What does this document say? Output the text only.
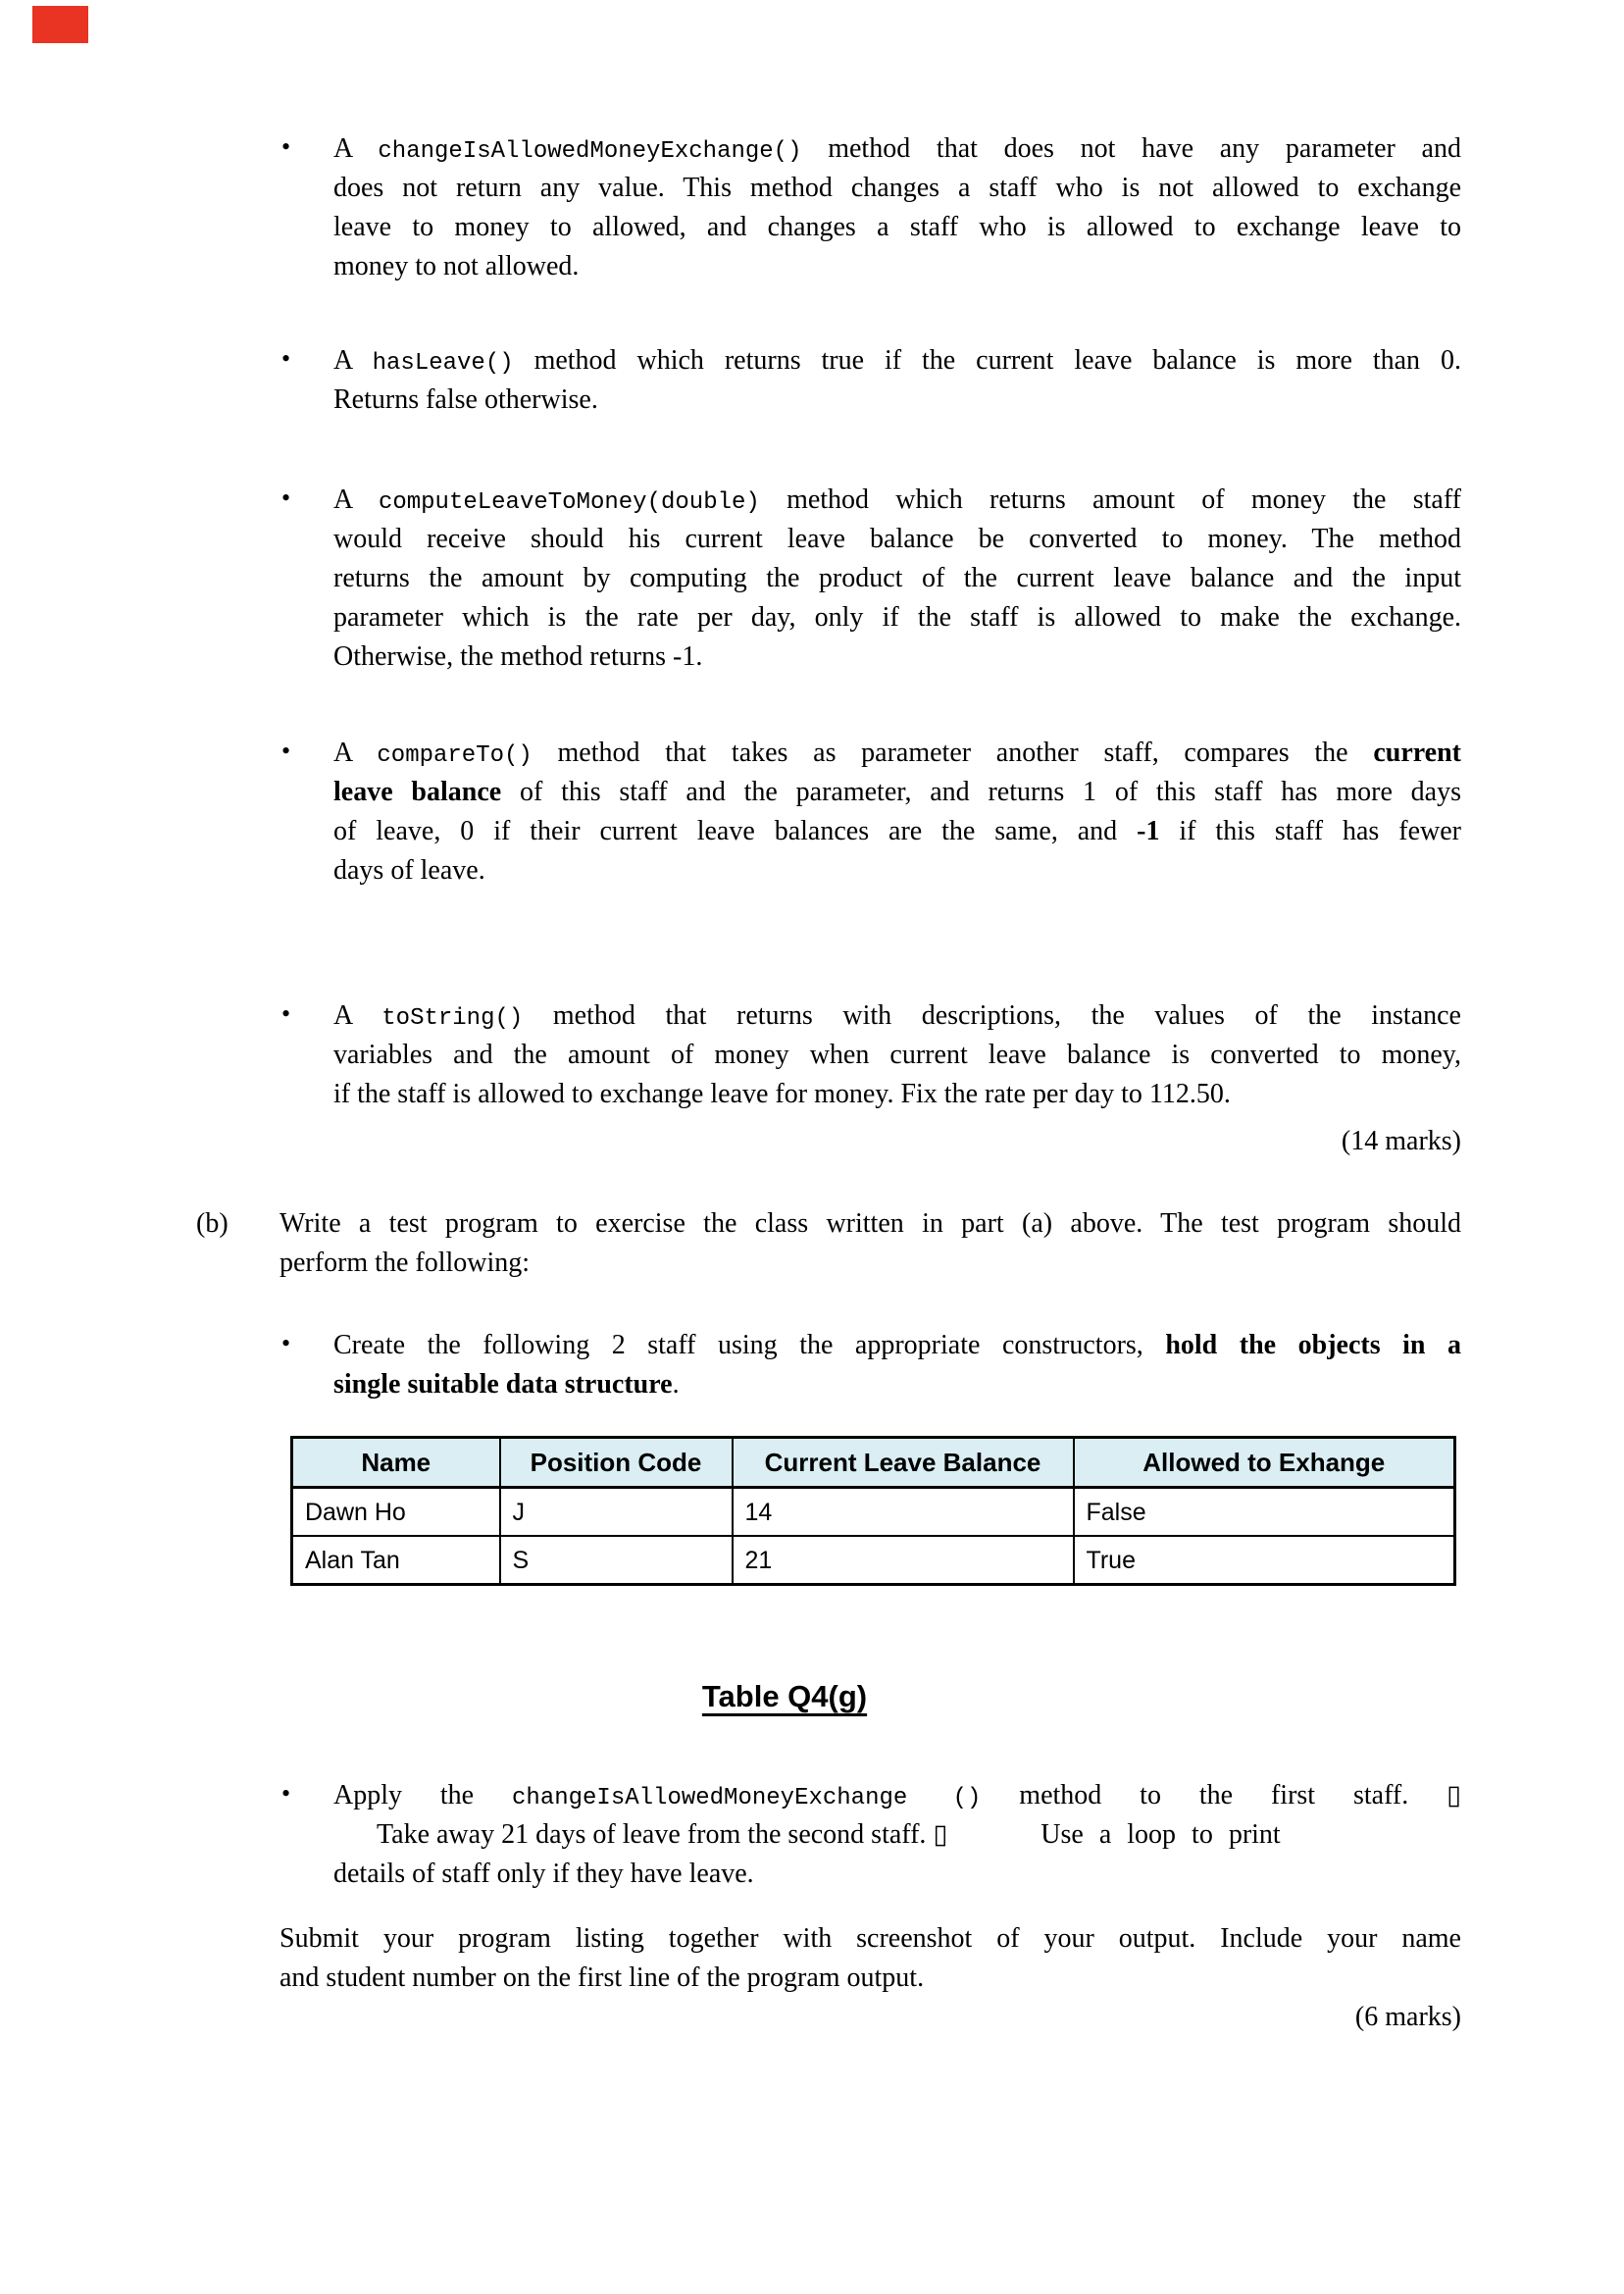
• A changeIsAllowedMoneyExchange() method that does not have any parameter and
does not return any value. This method changes a staff who is not allowed to exchange
leave to money to allowed, and changes a staff who is allowed to exchange leave to
money to not allowed.
• A hasLeave() method which returns true if the current leave balance is more than 0.
Returns false otherwise.
• A computeLeaveToMoney(double) method which returns amount of money the staff
would receive should his current leave balance be converted to money. The method
returns the amount by computing the product of the current leave balance and the input
parameter which is the rate per day, only if the staff is allowed to make the exchange.
Otherwise, the method returns -1.
• A compareTo() method that takes as parameter another staff, compares the current
leave balance of this staff and the parameter, and returns 1 of this staff has more days
of leave, 0 if their current leave balances are the same, and -1 if this staff has fewer
days of leave.
• A toString() method that returns with descriptions, the values of the instance
variables and the amount of money when current leave balance is converted to money,
if the staff is allowed to exchange leave for money. Fix the rate per day to 112.50.
(14 marks)
(b) Write a test program to exercise the class written in part (a) above. The test program should
perform the following:
• Create the following 2 staff using the appropriate constructors, hold the objects in a
single suitable data structure.
Name	Position Code	Current Leave Balance	Allowed to Exhange
Dawn Ho	J	14	False
Alan Tan	S	21	True
Table Q4(g)
• Apply the changeIsAllowedMoneyExchange () method to the first staff. ▯
Take away 21 days of leave from the second staff. ▯	Use a loop to print
details of staff only if they have leave.
Submit your program listing together with screenshot of your output. Include your name
and student number on the first line of the program output.
(6 marks)
